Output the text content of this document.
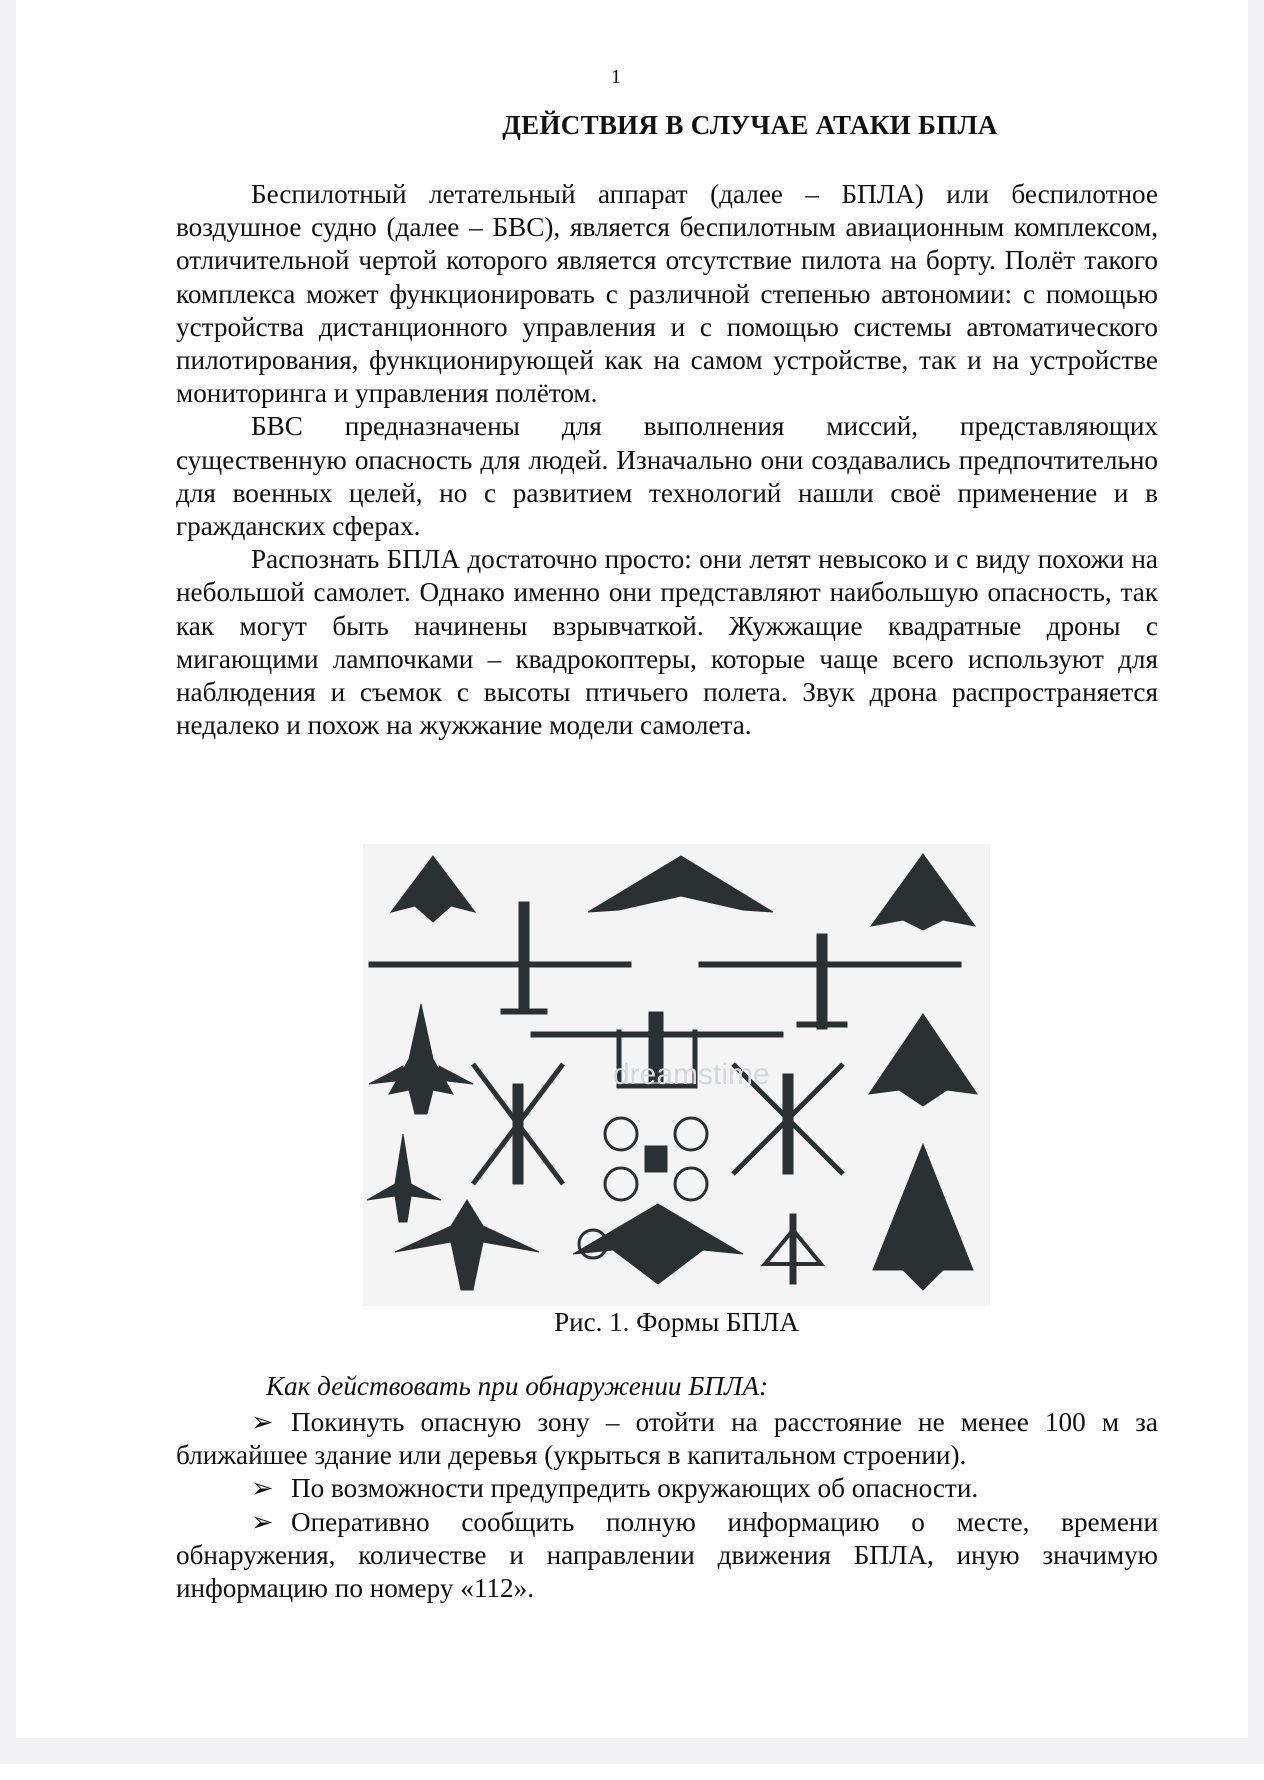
1
ДЕЙСТВИЯ В СЛУЧАЕ АТАКИ БПЛА

Беспилотный летательный аппарат (далее – БПЛА) или беспилотное воздушное судно (далее – БВС), является беспилотным авиационным комплексом, отличительной чертой которого является отсутствие пилота на борту. Полёт такого комплекса может функционировать с различной степенью автономии: с помощью устройства дистанционного управления и с помощью системы автоматического пилотирования, функционирующей как на самом устройстве, так и на устройстве мониторинга и управления полётом.

БВС предназначены для выполнения миссий, представляющих существенную опасность для людей. Изначально они создавались предпочтительно для военных целей, но с развитием технологий нашли своё применение и в гражданских сферах.

Распознать БПЛА достаточно просто: они летят невысоко и с виду похожи на небольшой самолет. Однако именно они представляют наибольшую опасность, так как могут быть начинены взрывчаткой. Жужжащие квадратные дроны с мигающими лампочками – квадрокоптеры, которые чаще всего используют для наблюдения и съемок с высоты птичьего полета. Звук дрона распространяется недалеко и похож на жужжание модели самолета.

dreamstime
Рис. 1. Формы БПЛА
Как действовать при обнаружении БПЛА:

➢ Покинуть опасную зону – отойти на расстояние не менее 100 м за ближайшее здание или деревья (укрыться в капитальном строении).

➢ По возможности предупредить окружающих об опасности.

➢ Оперативно сообщить полную информацию о месте, времени обнаружения, количестве и направлении движения БПЛА, иную значимую информацию по номеру «112».
